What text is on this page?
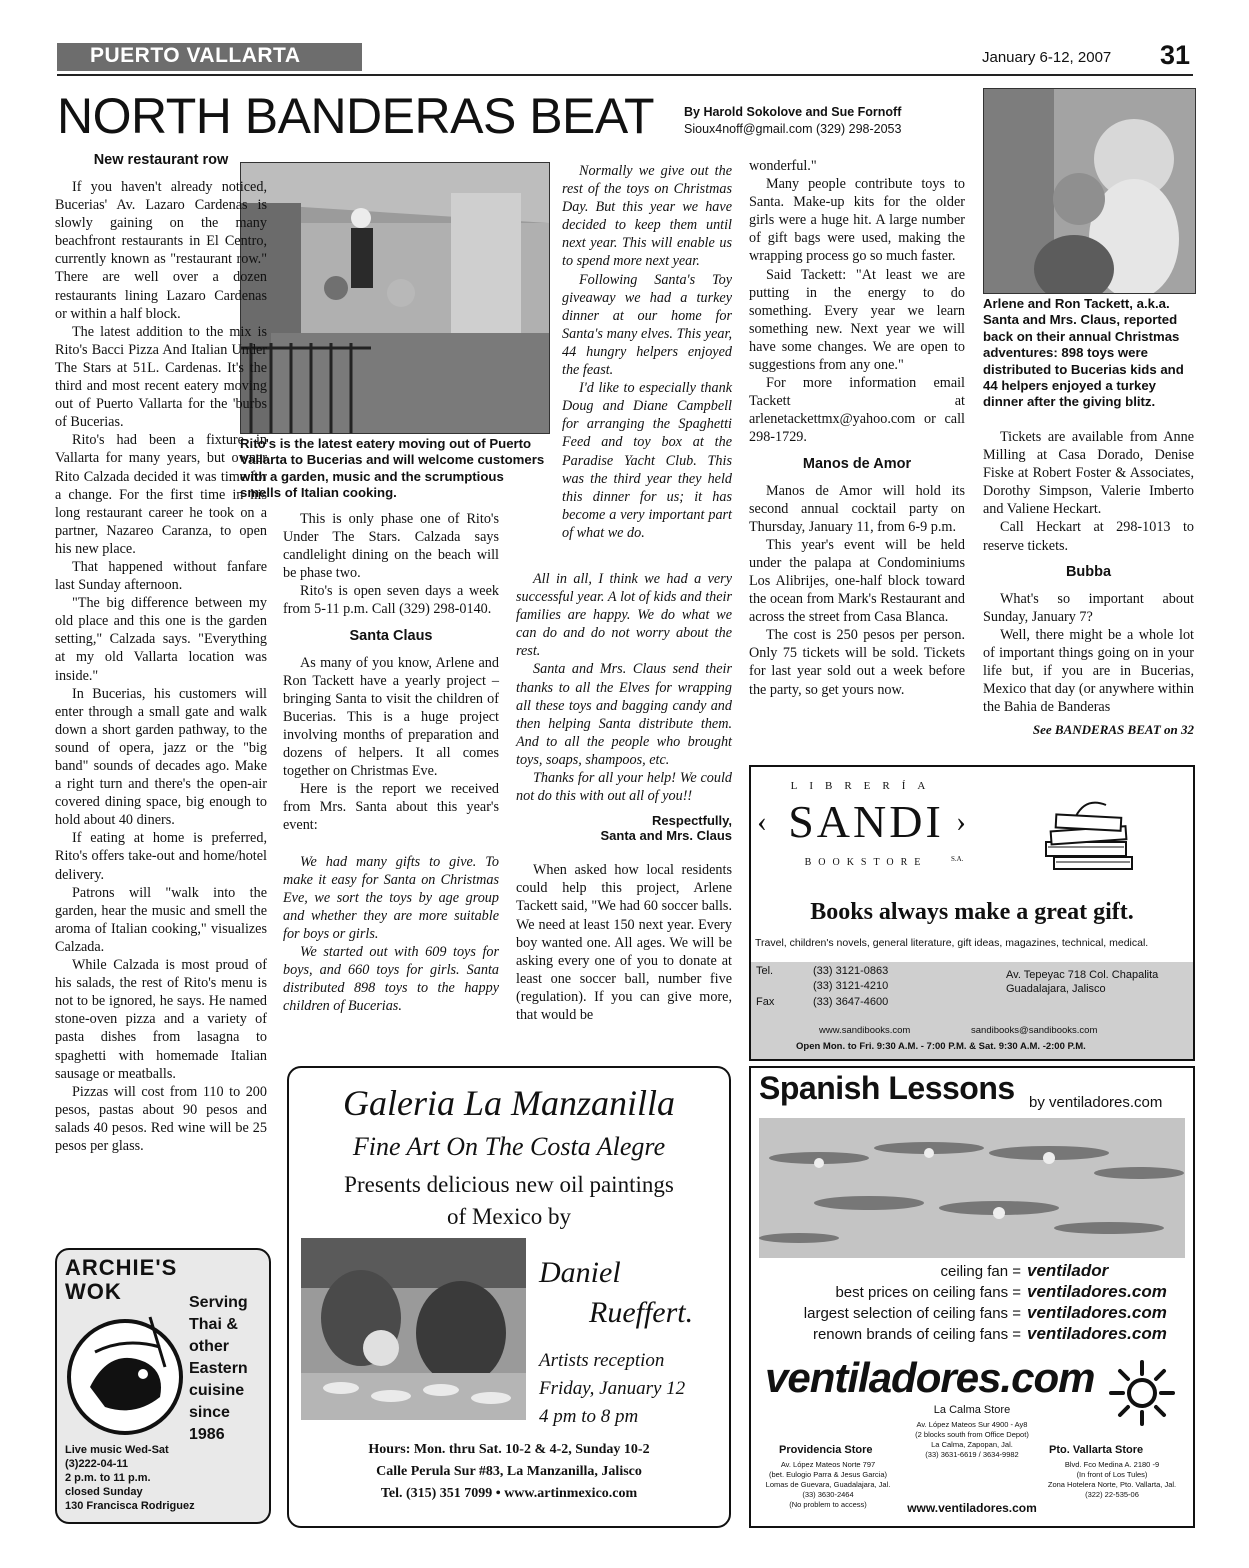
PUERTO VALLARTA	January 6-12, 2007 31
NORTH BANDERAS BEAT By Harold Sokolove and Sue Fornoff
Sioux4noff@gmail.com (329) 298-2053
Arlene and Ron Tackett, a.k.a. Santa and Mrs. Claus, reported back on their annual Christmas adventures: 898 toys were distributed to Bucerias kids and 44 helpers enjoyed a turkey dinner after the giving blitz.
Rito's is the latest eatery moving out of Puerto Vallarta to Bucerias and will welcome customers with a garden, music and the scrumptious smells of Italian cooking.
New restaurant row

If you haven't already noticed, Bucerias' Av. Lazaro Cardenas is slowly gaining on the many beachfront restaurants in El Centro, currently known as "restaurant row." There are well over a dozen restaurants lining Lazaro Cardenas or within a half block.

The latest addition to the mix is Rito's Bacci Pizza And Italian Under The Stars at 51L. Cardenas. It's the third and most recent eatery moving out of Puerto Vallarta for the 'burbs of Bucerias.

Rito's had been a fixture in Vallarta for many years, but owner Rito Calzada decided it was time for a change. For the first time in his long restaurant career he took on a partner, Nazareo Caranza, to open his new place.

That happened without fanfare last Sunday afternoon.

"The big difference between my old place and this one is the garden setting," Calzada says. "Everything at my old Vallarta location was inside."

In Bucerias, his customers will enter through a small gate and walk down a short garden pathway, to the sound of opera, jazz or the "big band" sounds of decades ago. Make a right turn and there's the open-air covered dining space, big enough to hold about 40 diners.

If eating at home is preferred, Rito's offers take-out and home/hotel delivery.

Patrons will "walk into the garden, hear the music and smell the aroma of Italian cooking," visualizes Calzada.

While Calzada is most proud of his salads, the rest of Rito's menu is not to be ignored, he says. He named stone-oven pizza and a variety of pasta dishes from lasagna to spaghetti with homemade Italian sausage or meatballs.

Pizzas will cost from 110 to 200 pesos, pastas about 90 pesos and salads 40 pesos. Red wine will be 25 pesos per glass.

This is only phase one of Rito's Under The Stars. Calzada says candlelight dining on the beach will be phase two.

Rito's is open seven days a week from 5-11 p.m. Call (329) 298-0140.

Santa Claus

As many of you know, Arlene and Ron Tackett have a yearly project – bringing Santa to visit the children of Bucerias. This is a huge project involving months of preparation and dozens of helpers. It all comes together on Christmas Eve.

Here is the report we received from Mrs. Santa about this year's event:

We had many gifts to give. To make it easy for Santa on Christmas Eve, we sort the toys by age group and whether they are more suitable for boys or girls.

We started out with 609 toys for boys, and 660 toys for girls. Santa distributed 898 toys to the happy children of Bucerias.

Normally we give out the rest of the toys on Christmas Day. But this year we have decided to keep them until next year. This will enable us to spend more next year.

Following Santa's Toy giveaway we had a turkey dinner at our home for Santa's many elves. This year, 44 hungry helpers enjoyed the feast.

I'd like to especially thank Doug and Diane Campbell for arranging the Spaghetti Feed and toy box at the Paradise Yacht Club. This was the third year they held this dinner for us; it has become a very important part of what we do.

All in all, I think we had a very successful year. A lot of kids and their families are happy. We do what we can do and do not worry about the rest.

Santa and Mrs. Claus send their thanks to all the Elves for wrapping all these toys and bagging candy and then helping Santa distribute them. And to all the people who brought toys, soaps, shampoos, etc.

Thanks for all your help! We could not do this with out all of you!!

Respectfully,
Santa and Mrs. Claus

When asked how local residents could help this project, Arlene Tackett said, "We had 60 soccer balls. We need at least 150 next year. Every boy wanted one. All ages. We will be asking every one of you to donate at least one soccer ball, number five (regulation). If you can give more, that would be

wonderful."

Many people contribute toys to Santa. Make-up kits for the older girls were a huge hit. A large number of gift bags were used, making the wrapping process go so much faster.

Said Tackett: "At least we are putting in the energy to do something. Every year we learn something new. Next year we will have some changes. We are open to suggestions from any one."

For more information email Tackett at arlenetackettmx@yahoo.com or call 298-1729.

Manos de Amor

Manos de Amor will hold its second annual cocktail party on Thursday, January 11, from 6-9 p.m.

This year's event will be held under the palapa at Condominiums Los Alibrijes, one-half block toward the ocean from Mark's Restaurant and across the street from Casa Blanca.

The cost is 250 pesos per person. Only 75 tickets will be sold. Tickets for last year sold out a week before the party, so get yours now.

Tickets are available from Anne Milling at Casa Dorado, Denise Fiske at Robert Foster & Associates, Dorothy Simpson, Valerie Imberto and Valiene Heckart.

Call Heckart at 298-1013 to reserve tickets.

Bubba

What's so important about Sunday, January 7?

Well, there might be a whole lot of important things going on in your life but, if you are in Bucerias, Mexico that day (or anywhere within the Bahia de Banderas

See BANDERAS BEAT on 32
LIBRERÍA
SANDI
‹	›
BOOKSTORE	S.A.
Books always make a great gift.
Travel, children's novels, general literature, gift ideas, magazines, technical, medical.
Tel.	(33) 3121-0863
(33) 3121-4210
Fax	(33) 3647-4600
Av. Tepeyac 718 Col. Chapalita
Guadalajara, Jalisco
www.sandibooks.com	sandibooks@sandibooks.com
Open Mon. to Fri. 9:30 A.M. - 7:00 P.M. & Sat. 9:30 A.M. -2:00 P.M.
Spanish Lessons by ventiladores.com
ceiling fan = ventilador
best prices on ceiling fans = ventiladores.com
largest selection of ceiling fans = ventiladores.com
renown brands of ceiling fans = ventiladores.com
ventiladores.com
La Calma Store
Av. López Mateos Sur 4900 - Ay8
(2 blocks south from Office Depot)
La Calma, Zapopan, Jal.
(33) 3631-6619 / 3634-9982
Providencia Store
Av. López Mateos Norte 797
(bet. Eulogio Parra & Jesus Garcia)
Lomas de Guevara, Guadalajara, Jal.
(33) 3630-2464
(No problem to access)
Pto. Vallarta Store
Blvd. Fco Medina A. 2180 -9
(In front of Los Tules)
Zona Hotelera Norte, Pto. Vallarta, Jal.
(322) 22-535-06
www.ventiladores.com
Galeria La Manzanilla
Fine Art On The Costa Alegre
Presents delicious new oil paintings
of Mexico by
Daniel
Rueffert.
Artists reception
Friday, January 12
4 pm to 8 pm
Hours: Mon. thru Sat. 10-2 & 4-2, Sunday 10-2
Calle Perula Sur #83, La Manzanilla, Jalisco
Tel. (315) 351 7099 • www.artinmexico.com
ARCHIE'S WOK	Serving
Thai &
other
Eastern
cuisine
since
1986
Live music Wed-Sat
(3)222-04-11
2 p.m. to 11 p.m.
closed Sunday
130 Francisca Rodriguez
